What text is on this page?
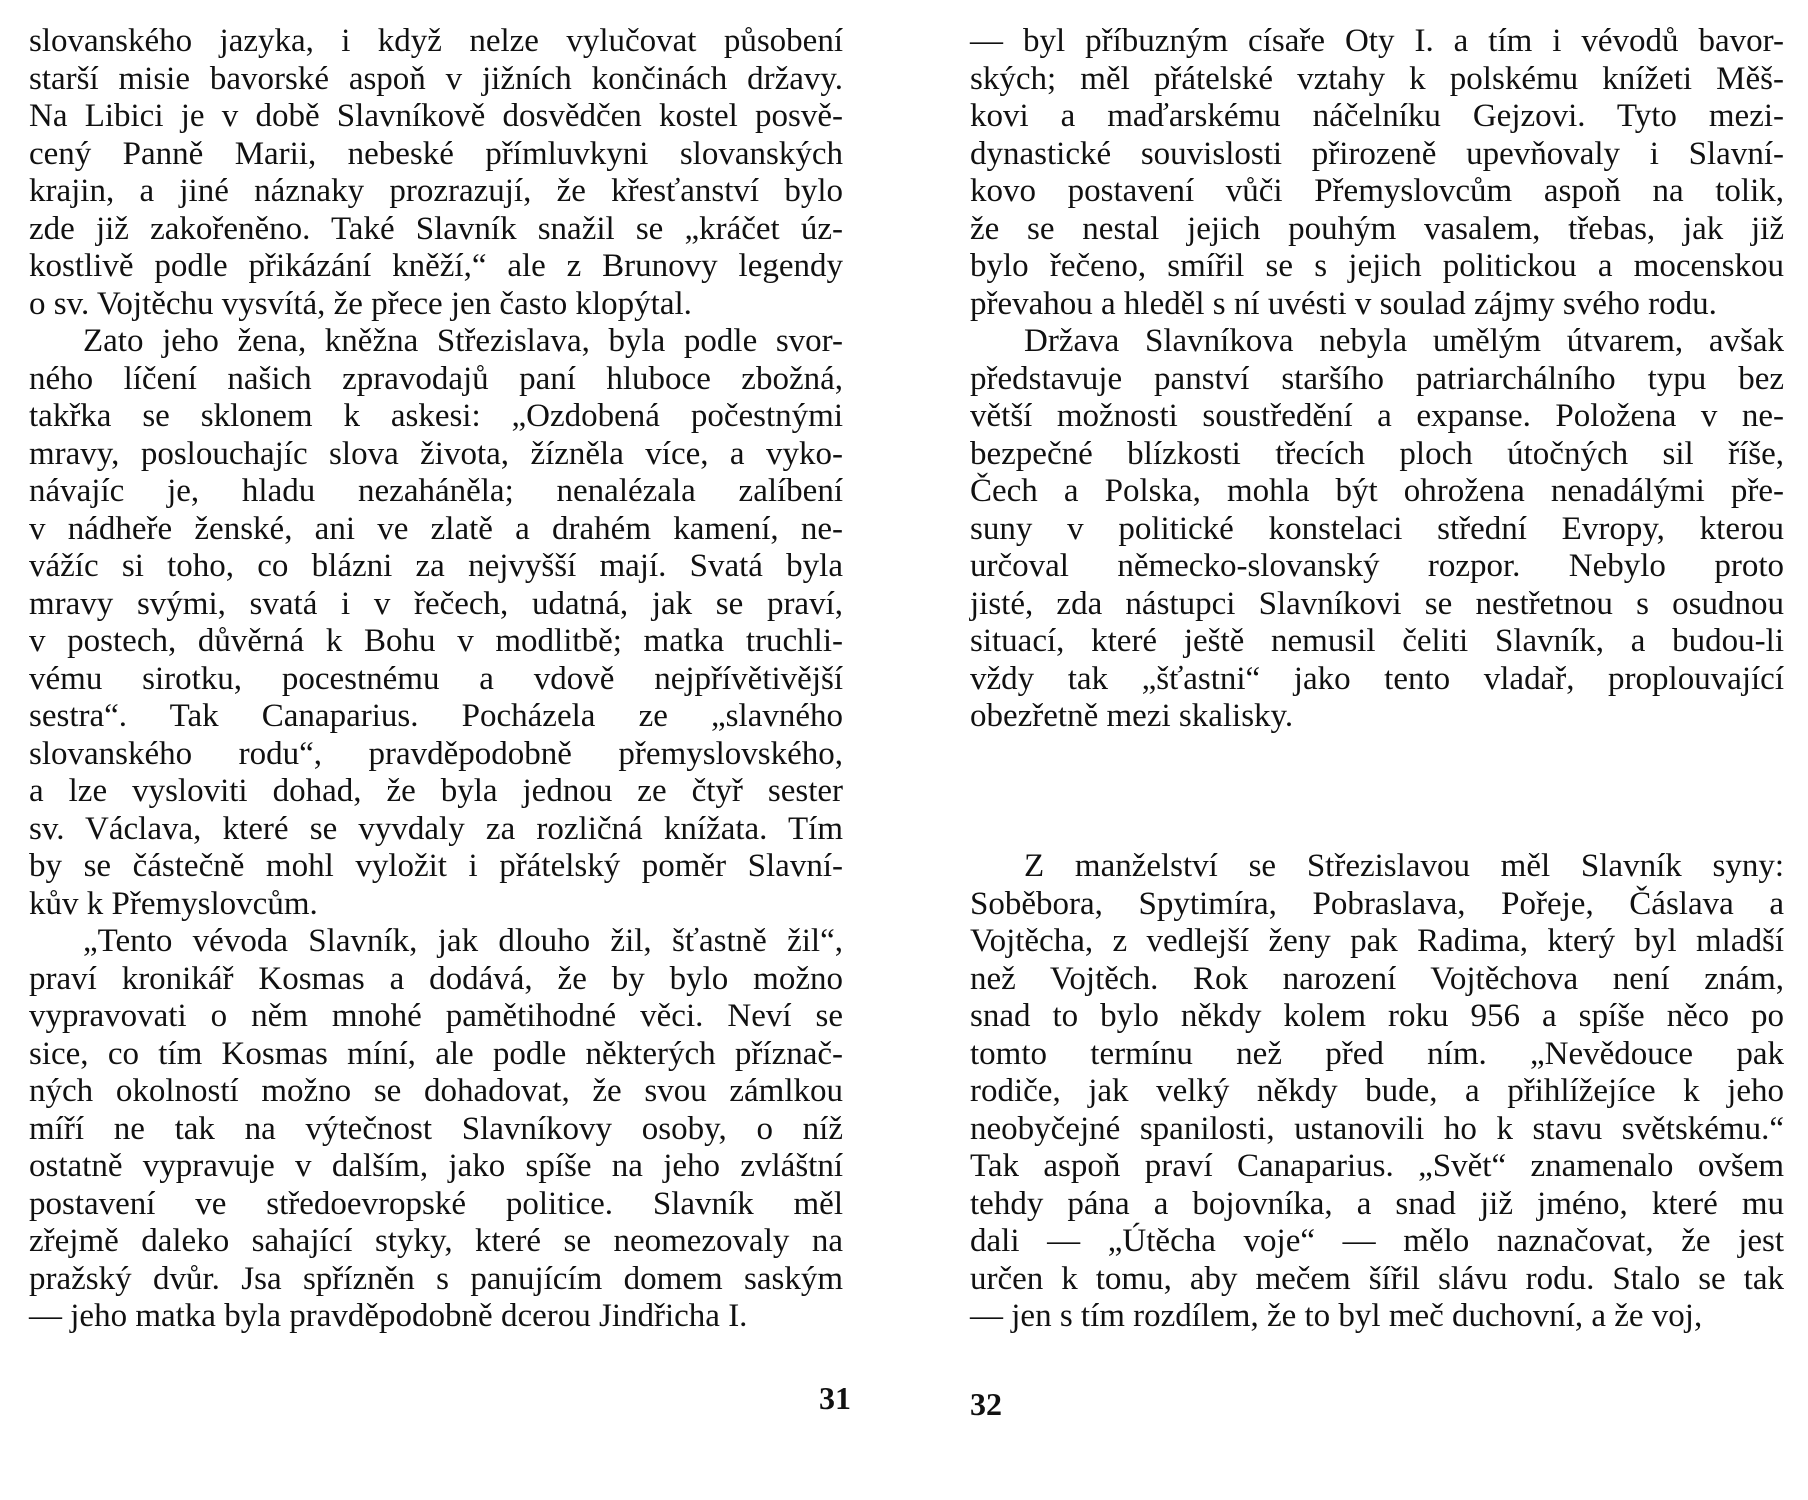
slovanského jazyka, i když nelze vylučovat působení
starší misie bavorské aspoň v jižních končinách državy.
Na Libici je v době Slavníkově dosvědčen kostel posvě-
cený Panně Marii, nebeské přímluvkyni slovanských
krajin, a jiné náznaky prozrazují, že křesťanství bylo
zde již zakořeněno. Také Slavník snažil se „kráčet úz-
kostlivě podle přikázání kněží,“ ale z Brunovy legendy
o sv. Vojtěchu vysvítá, že přece jen často klopýtal.
Zato jeho žena, kněžna Střezislava, byla podle svor-
ného líčení našich zpravodajů paní hluboce zbožná,
takřka se sklonem k askesi: „Ozdobená počestnými
mravy, poslouchajíc slova života, žízněla více, a vyko-
návajíc je, hladu nezaháněla; nenalézala zalíbení
v nádheře ženské, ani ve zlatě a drahém kamení, ne-
vážíc si toho, co blázni za nejvyšší mají. Svatá byla
mravy svými, svatá i v řečech, udatná, jak se praví,
v postech, důvěrná k Bohu v modlitbě; matka truchli-
vému sirotku, pocestnému a vdově nejpřívětivější
sestra“. Tak Canaparius. Pocházela ze „slavného
slovanského rodu“, pravděpodobně přemyslovského,
a lze vysloviti dohad, že byla jednou ze čtyř sester
sv. Václava, které se vyvdaly za rozličná knížata. Tím
by se částečně mohl vyložit i přátelský poměr Slavní-
kův k Přemyslovcům.
„Tento vévoda Slavník, jak dlouho žil, šťastně žil“,
praví kronikář Kosmas a dodává, že by bylo možno
vypravovati o něm mnohé pamětihodné věci. Neví se
sice, co tím Kosmas míní, ale podle některých příznač-
ných okolností možno se dohadovat, že svou zámlkou
míří ne tak na výtečnost Slavníkovy osoby, o níž
ostatně vypravuje v dalším, jako spíše na jeho zvláštní
postavení ve středoevropské politice. Slavník měl
zřejmě daleko sahající styky, které se neomezovaly na
pražský dvůr. Jsa spřízněn s panujícím domem saským
— jeho matka byla pravděpodobně dcerou Jindřicha I.
31
— byl příbuzným císaře Oty I. a tím i vévodů bavor-
ských; měl přátelské vztahy k polskému knížeti Měš-
kovi a maďarskému náčelníku Gejzovi. Tyto mezi-
dynastické souvislosti přirozeně upevňovaly i Slavní-
kovo postavení vůči Přemyslovcům aspoň na tolik,
že se nestal jejich pouhým vasalem, třebas, jak již
bylo řečeno, smířil se s jejich politickou a mocenskou
převahou a hleděl s ní uvésti v soulad zájmy svého rodu.
Država Slavníkova nebyla umělým útvarem, avšak
představuje panství staršího patriarchálního typu bez
větší možnosti soustředění a expanse. Položena v ne-
bezpečné blízkosti třecích ploch útočných sil říše,
Čech a Polska, mohla být ohrožena nenadálými pře-
suny v politické konstelaci střední Evropy, kterou
určoval německo-slovanský rozpor. Nebylo proto
jisté, zda nástupci Slavníkovi se nestřetnou s osudnou
situací, které ještě nemusil čeliti Slavník, a budou-li
vždy tak „šťastni“ jako tento vladař, proplouvající
obezřetně mezi skalisky.
Z manželství se Střezislavou měl Slavník syny:
Soběbora, Spytimíra, Pobraslava, Pořeje, Čáslava a
Vojtěcha, z vedlejší ženy pak Radima, který byl mladší
než Vojtěch. Rok narození Vojtěchova není znám,
snad to bylo někdy kolem roku 956 a spíše něco po
tomto termínu než před ním. „Nevědouce pak
rodiče, jak velký někdy bude, a přihlížejíce k jeho
neobyčejné spanilosti, ustanovili ho k stavu světskému.“
Tak aspoň praví Canaparius. „Svět“ znamenalo ovšem
tehdy pána a bojovníka, a snad již jméno, které mu
dali — „Útěcha voje“ — mělo naznačovat, že jest
určen k tomu, aby mečem šířil slávu rodu. Stalo se tak
— jen s tím rozdílem, že to byl meč duchovní, a že voj,
32
